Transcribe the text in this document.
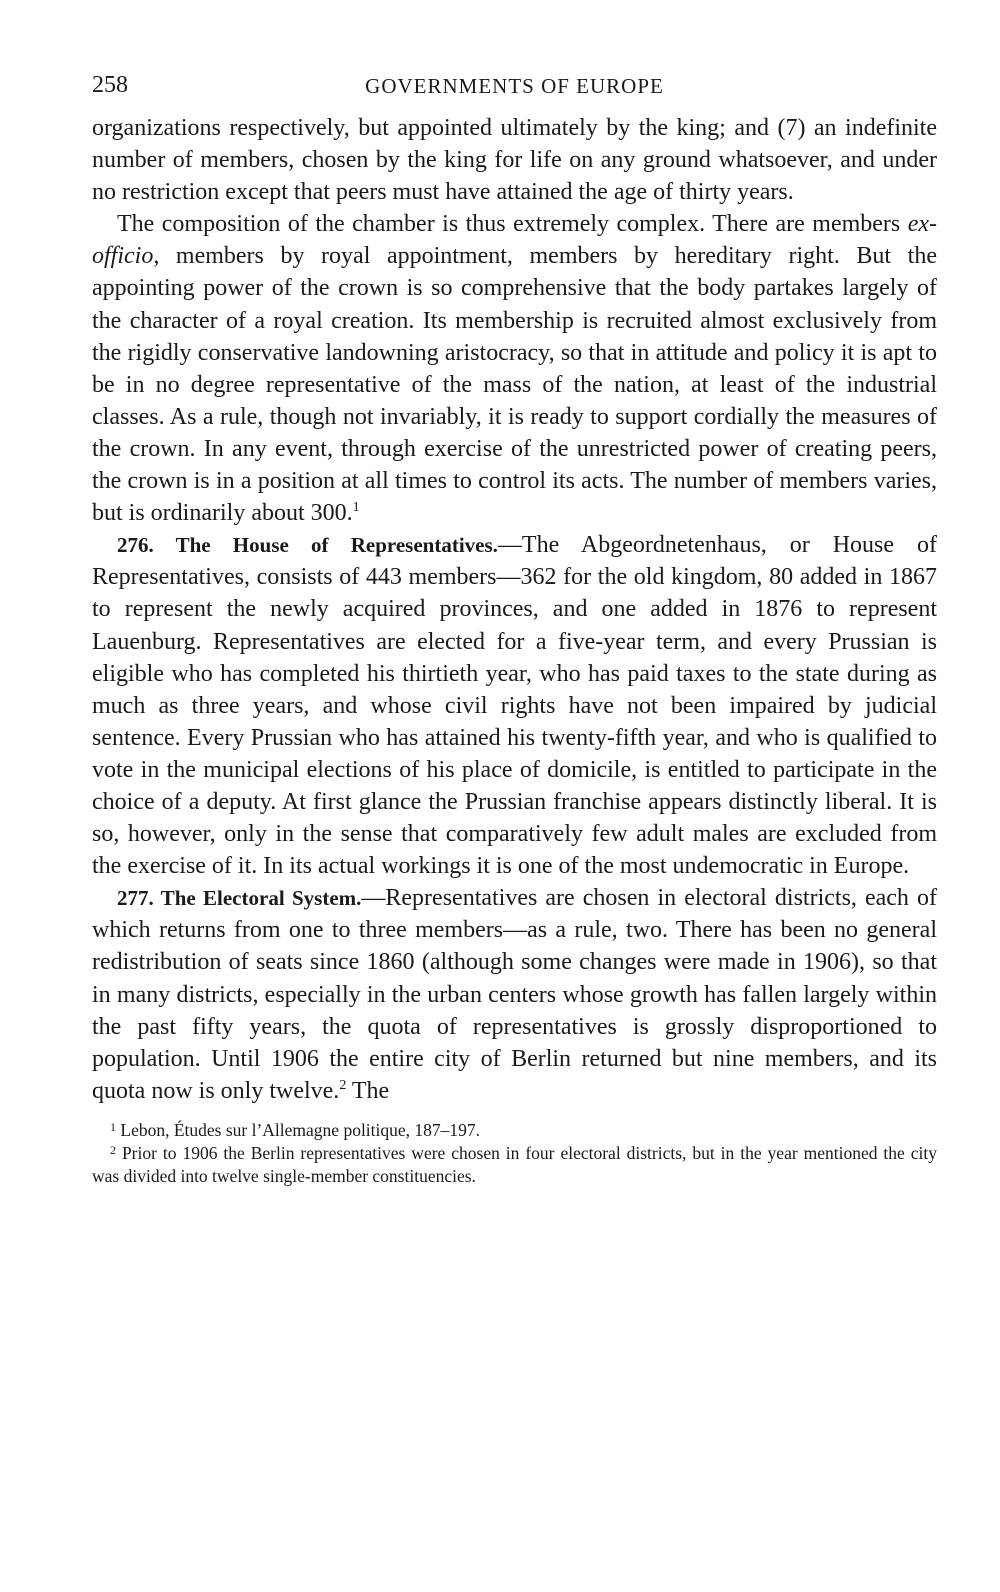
258	GOVERNMENTS OF EUROPE

organizations respectively, but appointed ultimately by the king; and (7) an indefinite number of members, chosen by the king for life on any ground whatsoever, and under no restriction except that peers must have attained the age of thirty years.

The composition of the chamber is thus extremely complex. There are members ex-officio, members by royal appointment, members by hereditary right. But the appointing power of the crown is so comprehensive that the body partakes largely of the character of a royal creation. Its membership is recruited almost exclusively from the rigidly conservative landowning aristocracy, so that in attitude and policy it is apt to be in no degree representative of the mass of the nation, at least of the industrial classes. As a rule, though not invariably, it is ready to support cordially the measures of the crown. In any event, through exercise of the unrestricted power of creating peers, the crown is in a position at all times to control its acts. The number of members varies, but is ordinarily about 300.$^1$

276. The House of Representatives.—The Abgeordnetenhaus, or House of Representatives, consists of 443 members—362 for the old kingdom, 80 added in 1867 to represent the newly acquired provinces, and one added in 1876 to represent Lauenburg. Representatives are elected for a five-year term, and every Prussian is eligible who has completed his thirtieth year, who has paid taxes to the state during as much as three years, and whose civil rights have not been impaired by judicial sentence. Every Prussian who has attained his twenty-fifth year, and who is qualified to vote in the municipal elections of his place of domicile, is entitled to participate in the choice of a deputy. At first glance the Prussian franchise appears distinctly liberal. It is so, however, only in the sense that comparatively few adult males are excluded from the exercise of it. In its actual workings it is one of the most undemocratic in Europe.

277. The Electoral System.—Representatives are chosen in electoral districts, each of which returns from one to three members—as a rule, two. There has been no general redistribution of seats since 1860 (although some changes were made in 1906), so that in many districts, especially in the urban centers whose growth has fallen largely within the past fifty years, the quota of representatives is grossly disproportioned to population. Until 1906 the entire city of Berlin returned but nine members, and its quota now is only twelve.$^2$ The

$^1$ Lebon, Études sur l’Allemagne politique, 187–197.

$^2$ Prior to 1906 the Berlin representatives were chosen in four electoral districts, but in the year mentioned the city was divided into twelve single-member constituencies.
